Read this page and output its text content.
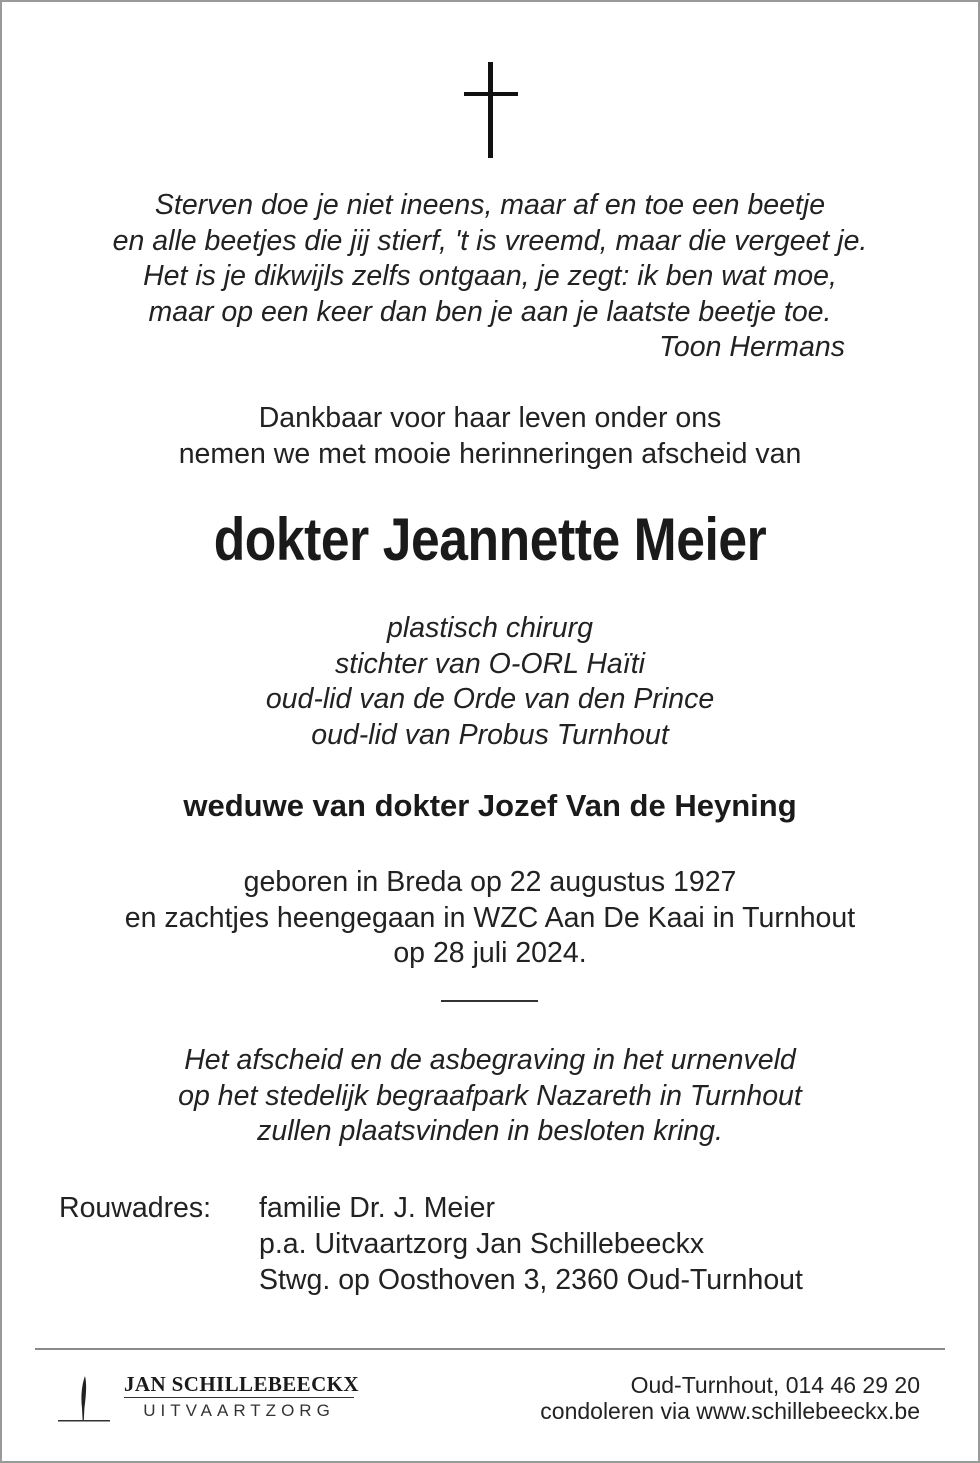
Sterven doe je niet ineens, maar af en toe een beetje
en alle beetjes die jij stierf, 't is vreemd, maar die vergeet je.
Het is je dikwijls zelfs ontgaan, je zegt: ik ben wat moe,
maar op een keer dan ben je aan je laatste beetje toe.
Toon Hermans
Dankbaar voor haar leven onder ons
nemen we met mooie herinneringen afscheid van
dokter Jeannette Meier
plastisch chirurg
stichter van O-ORL Haïti
oud-lid van de Orde van den Prince
oud-lid van Probus Turnhout
weduwe van dokter Jozef Van de Heyning
geboren in Breda op 22 augustus 1927
en zachtjes heengegaan in WZC Aan De Kaai in Turnhout
op 28 juli 2024.
Het afscheid en de asbegraving in het urnenveld
op het stedelijk begraafpark Nazareth in Turnhout
zullen plaatsvinden in besloten kring.
Rouwadres: familie Dr. J. Meier
p.a. Uitvaartzorg Jan Schillebeeckx
Stwg. op Oosthoven 3, 2360 Oud-Turnhout
JAN SCHILLEBEECKX
UITVAARTZORG
Oud-Turnhout, 014 46 29 20
condoleren via www.schillebeeckx.be
